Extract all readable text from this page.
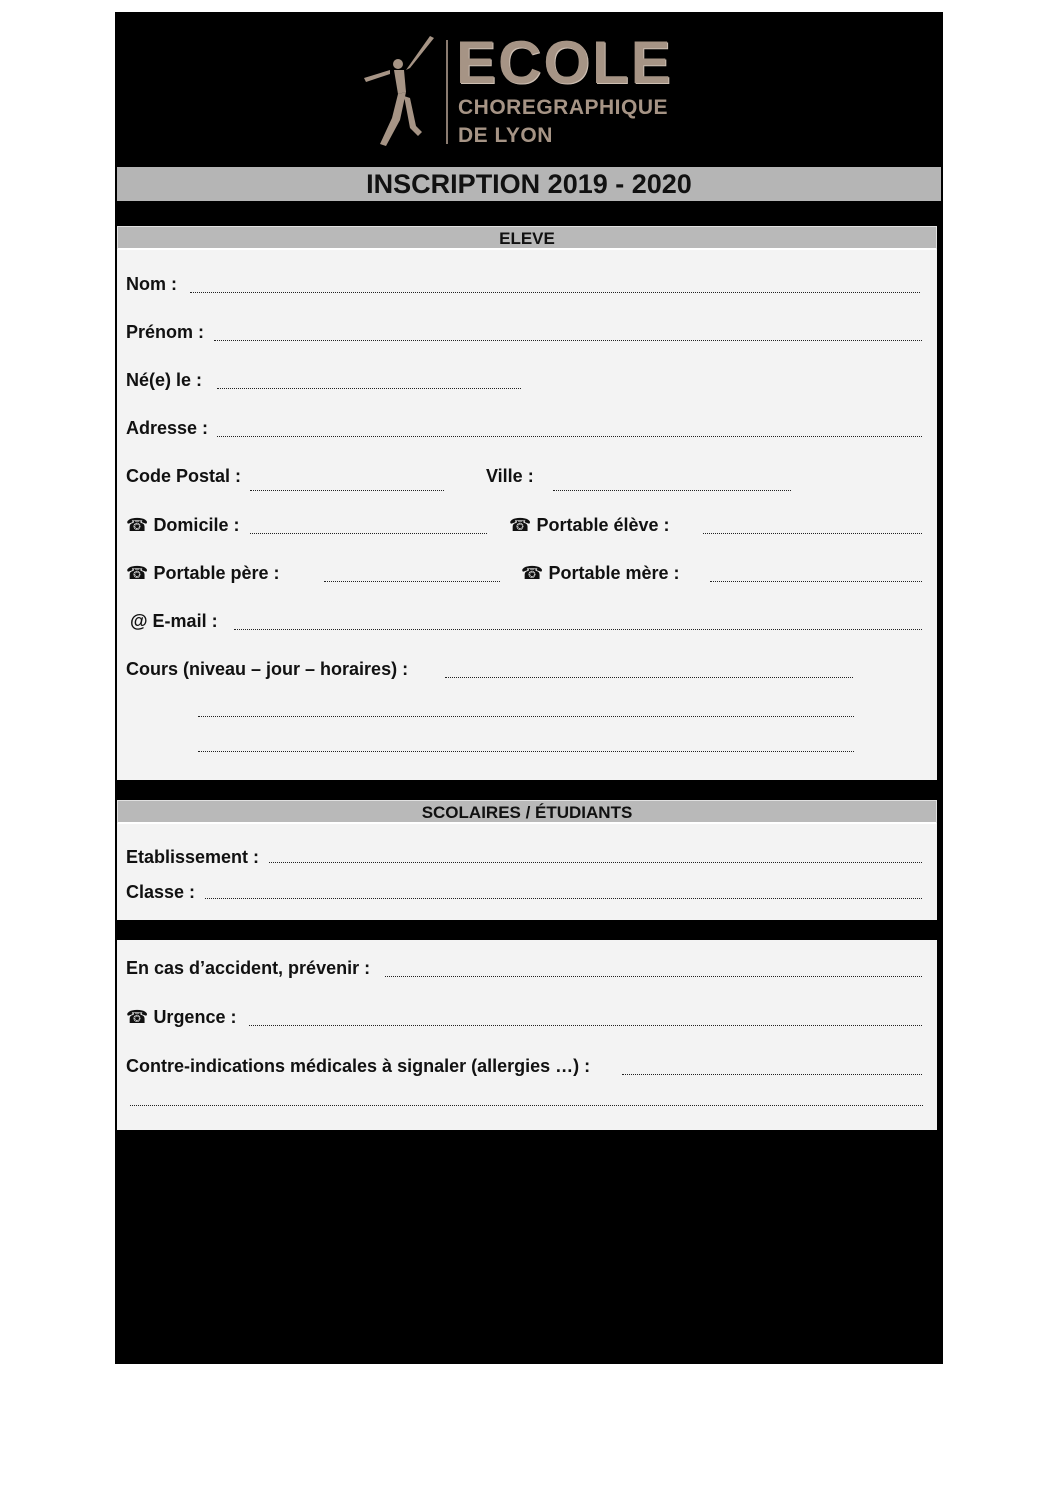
ECOLE
CHOREGRAPHIQUE
DE LYON
INSCRIPTION 2019 - 2020
ELEVE
Nom :
Prénom :
Né(e) le :
Adresse :
Code Postal :	Ville :
☎ Domicile :	☎ Portable élève :
☎ Portable père :	☎ Portable mère :
@ E-mail :
Cours (niveau – jour – horaires) :
SCOLAIRES / ÉTUDIANTS
Etablissement :
Classe :
En cas d’accident, prévenir :
☎ Urgence :
Contre-indications médicales à signaler (allergies …) :
